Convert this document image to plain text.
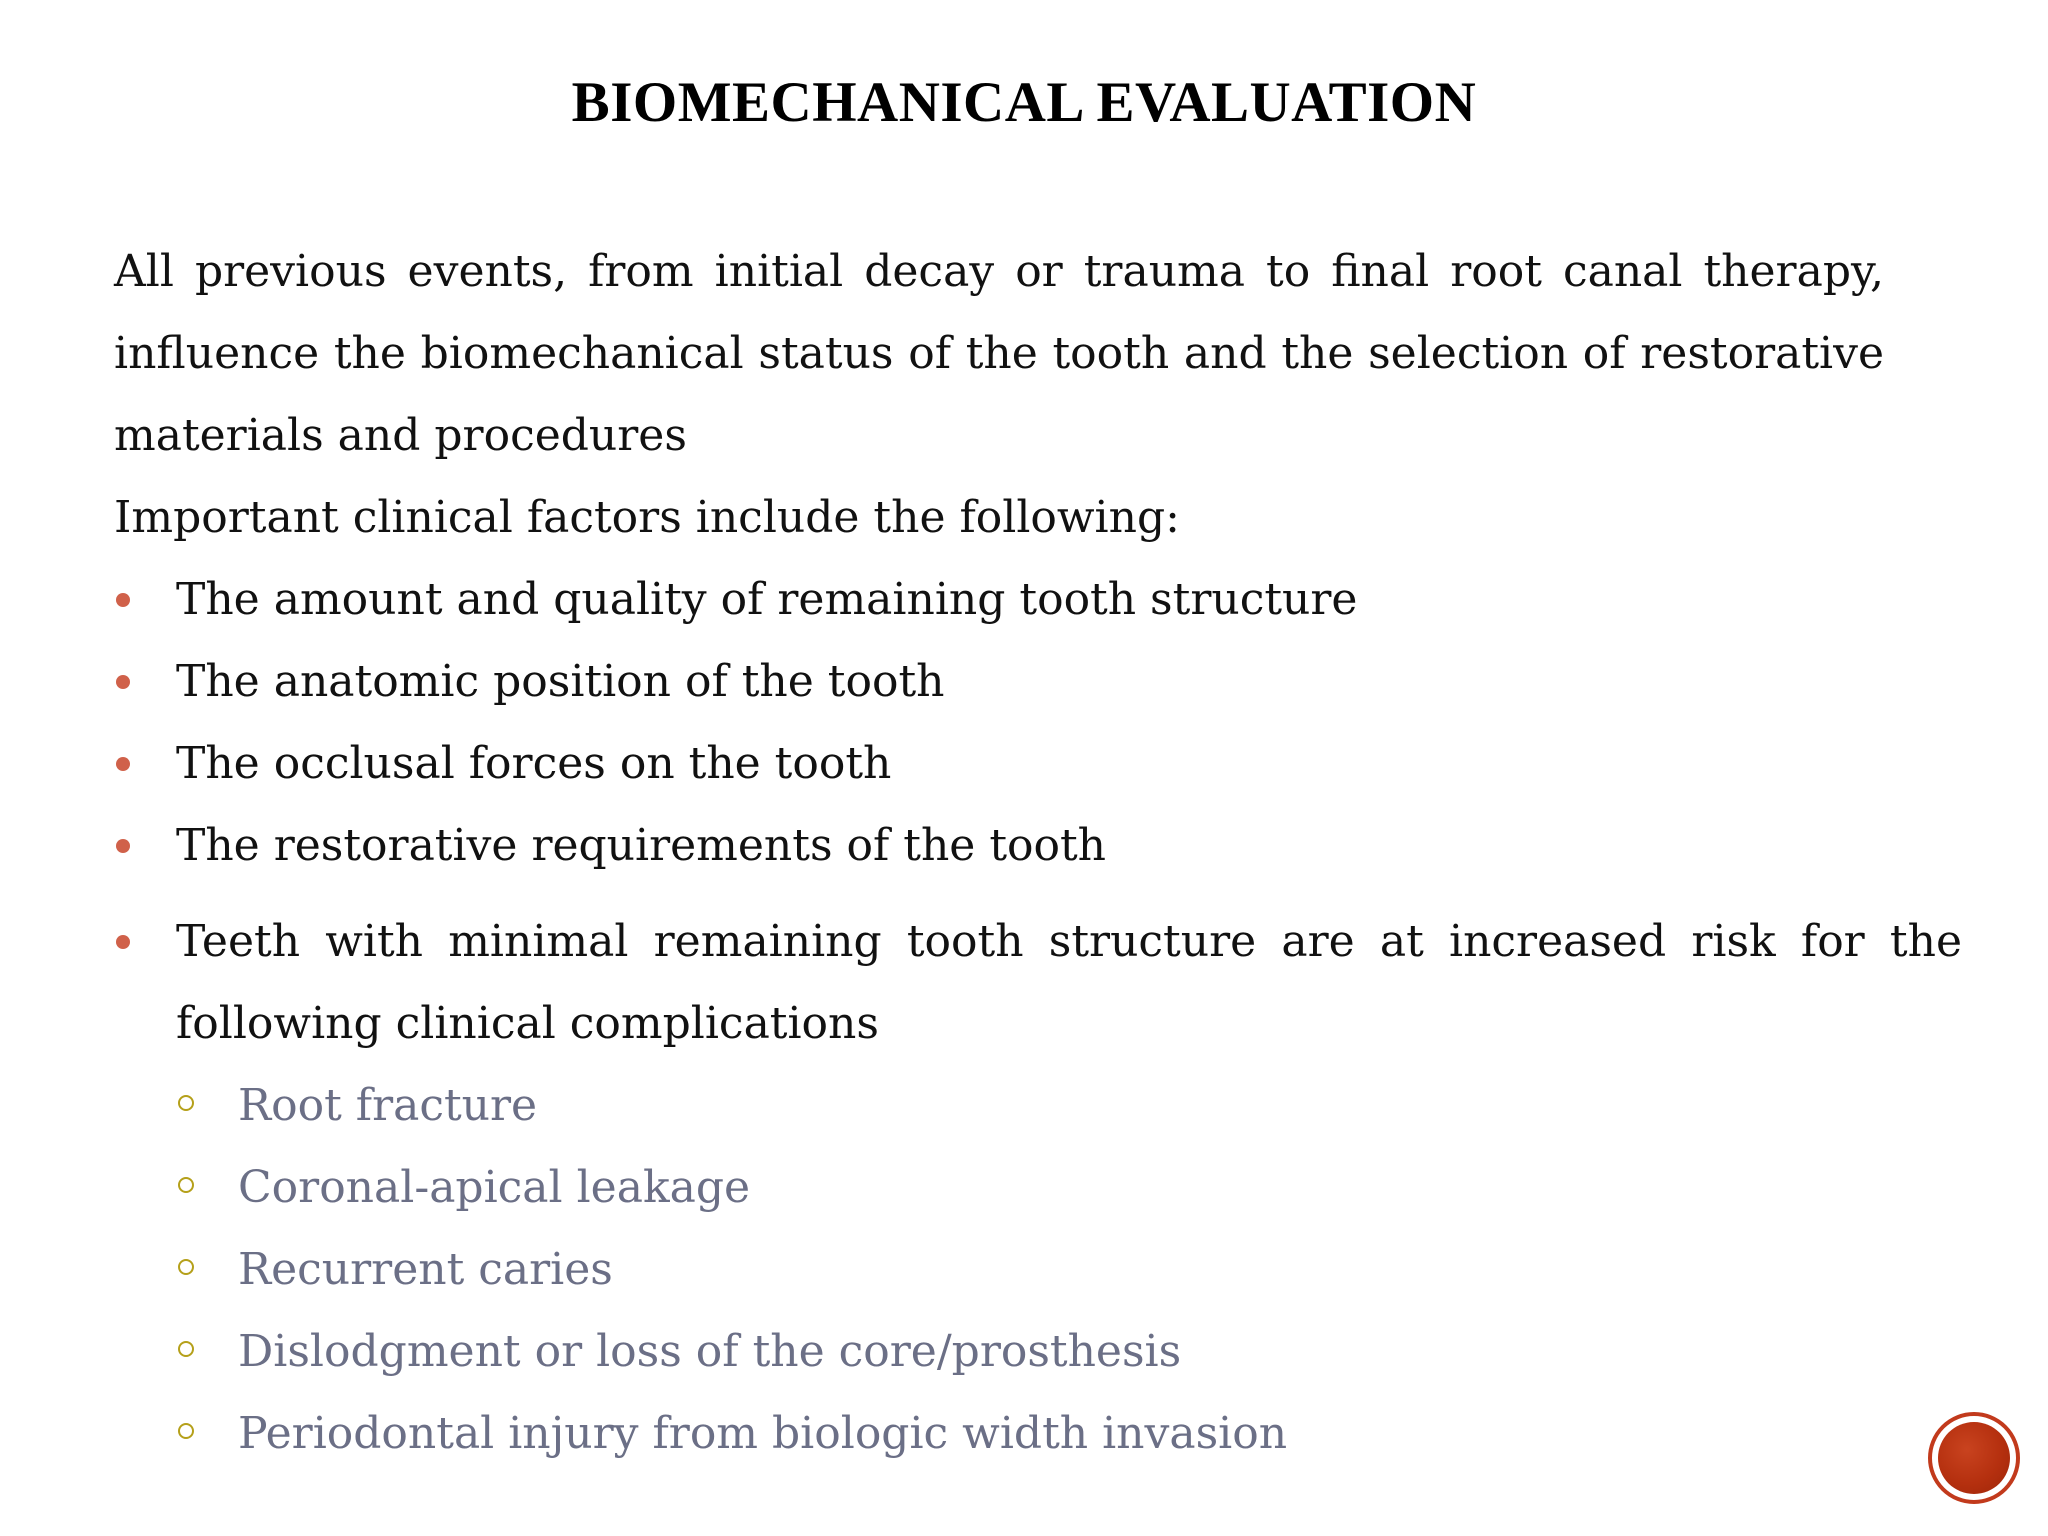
BIOMECHANICAL EVALUATION

All previous events, from initial decay or trauma to final root canal therapy, influence the biomechanical status of the tooth and the selection of restorative materials and procedures

Important clinical factors include the following:

The amount and quality of remaining tooth structure
The anatomic position of the tooth
The occlusal forces on the tooth
The restorative requirements of the tooth
Teeth with minimal remaining tooth structure are at increased risk for the following clinical complications
Root fracture
Coronal-apical leakage
Recurrent caries
Dislodgment or loss of the core/prosthesis
Periodontal injury from biologic width invasion
